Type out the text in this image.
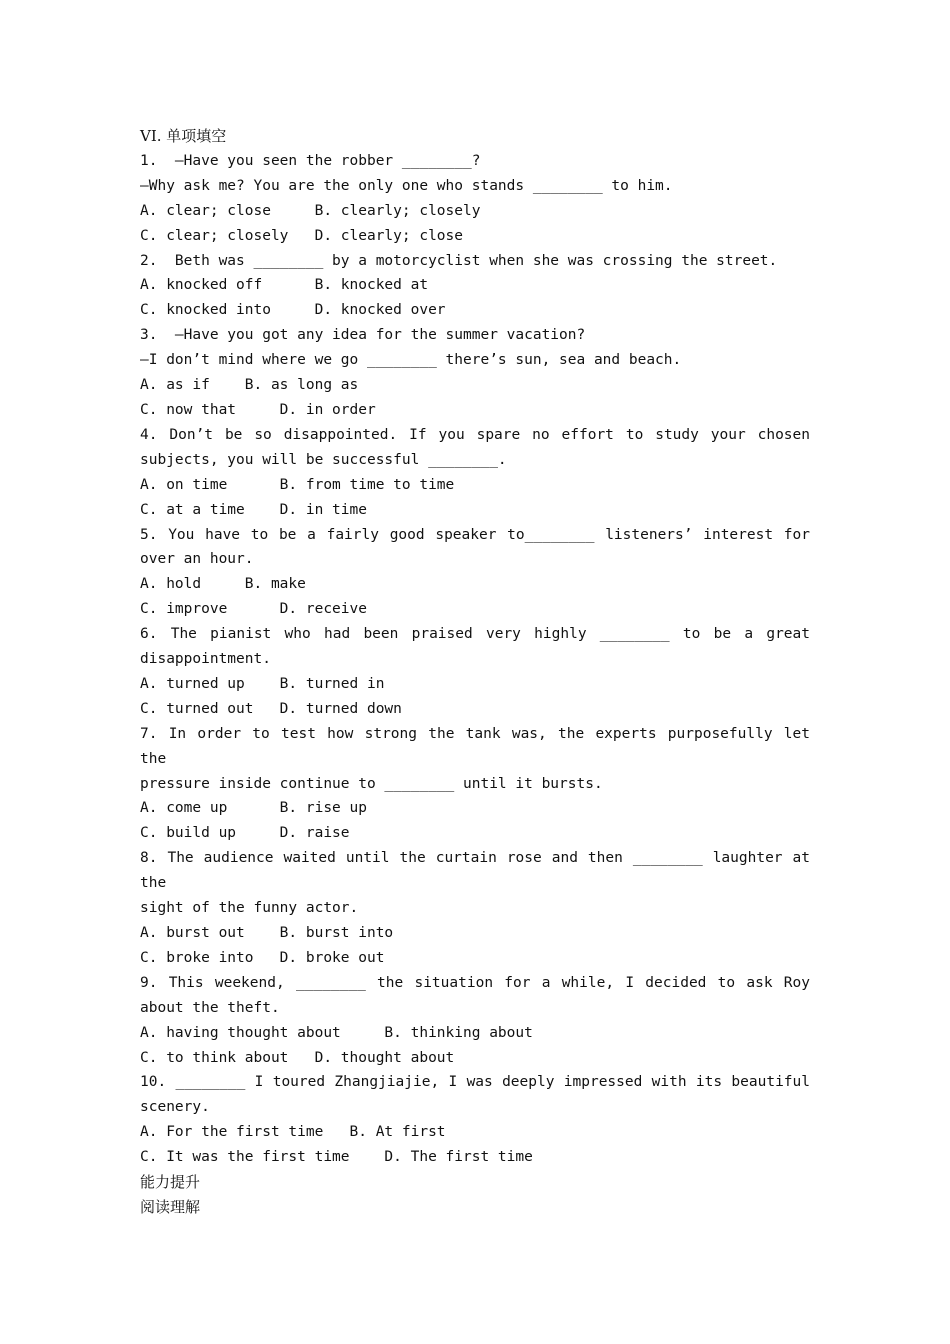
VI. 单项填空
1.  —Have you seen the robber ________?
—Why ask me? You are the only one who stands ________ to him.
A. clear; close     B. clearly; closely
C. clear; closely   D. clearly; close
2.  Beth was ________ by a motorcyclist when she was crossing the street.
A. knocked off      B. knocked at
C. knocked into     D. knocked over
3.  —Have you got any idea for the summer vacation?
—I don’t mind where we go ________ there’s sun, sea and beach.
A. as if    B. as long as
C. now that     D. in order
4. Don’t be so disappointed. If you spare no effort to study your chosen
subjects, you will be successful ________.
A. on time      B. from time to time
C. at a time    D. in time
5. You have to be a fairly good speaker to________ listeners’ interest for
over an hour.
A. hold     B. make
C. improve      D. receive
6. The pianist who had been praised very highly ________ to be a great
disappointment.
A. turned up    B. turned in
C. turned out   D. turned down
7. In order to test how strong the tank was, the experts purposefully let the
pressure inside continue to ________ until it bursts.
A. come up      B. rise up
C. build up     D. raise
8. The audience waited until the curtain rose and then ________ laughter at the
sight of the funny actor.
A. burst out    B. burst into
C. broke into   D. broke out
9. This weekend, ________ the situation for a while, I decided to ask Roy
about the theft.
A. having thought about     B. thinking about
C. to think about   D. thought about
10. ________ I toured Zhangjiajie, I was deeply impressed with its beautiful
scenery.
A. For the first time   B. At first
C. It was the first time    D. The first time
能力提升
阅读理解
